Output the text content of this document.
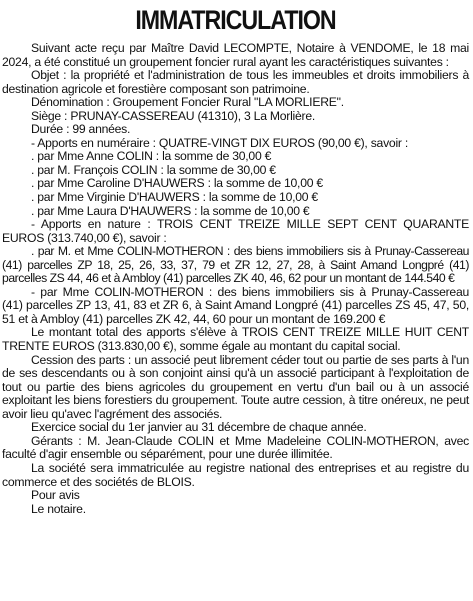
IMMATRICULATION

Suivant acte reçu par Maître David LECOMPTE, Notaire à VENDOME, le 18 mai 2024, a été constitué un groupement foncier rural ayant les caractéristiques suivantes :

Objet : la propriété et l'administration de tous les immeubles et droits immobiliers à destination agricole et forestière composant son patrimoine.

Dénomination : Groupement Foncier Rural "LA MORLIERE".

Siège : PRUNAY-CASSEREAU (41310), 3 La Morlière.

Durée : 99 années.

- Apports en numéraire : QUATRE-VINGT DIX EUROS (90,00 €), savoir :

. par Mme Anne COLIN : la somme de 30,00 €

. par M. François COLIN : la somme de 30,00 €

. par Mme Caroline D'HAUWERS : la somme de 10,00 €

. par Mme Virginie D'HAUWERS : la somme de 10,00 €

. par Mme Laura D'HAUWERS : la somme de 10,00 €

- Apports en nature : TROIS CENT TREIZE MILLE SEPT CENT QUARANTE EUROS (313.740,00 €), savoir :

. par M. et Mme COLIN-MOTHERON : des biens immobiliers sis à Prunay-Cassereau (41) parcelles ZP 18, 25, 26, 33, 37, 79 et ZR 12, 27, 28, à Saint Amand Longpré (41) parcelles ZS 44, 46 et à Ambloy (41) parcelles ZK 40, 46, 62 pour un montant de 144.540 €

- par Mme COLIN-MOTHERON : des biens immobiliers sis à Prunay-Cassereau (41) parcelles ZP 13, 41, 83 et ZR 6, à Saint Amand Longpré (41) parcelles ZS 45, 47, 50, 51 et à Ambloy (41) parcelles ZK 42, 44, 60 pour un montant de 169.200 €

Le montant total des apports s'élève à TROIS CENT TREIZE MILLE HUIT CENT TRENTE EUROS (313.830,00 €), somme égale au montant du capital social.

Cession des parts : un associé peut librement céder tout ou partie de ses parts à l'un de ses descendants ou à son conjoint ainsi qu'à un associé participant à l'exploitation de tout ou partie des biens agricoles du groupement en vertu d'un bail ou à un associé exploitant les biens forestiers du groupement. Toute autre cession, à titre onéreux, ne peut avoir lieu qu'avec l'agrément des associés.

Exercice social du 1er janvier au 31 décembre de chaque année.

Gérants : M. Jean-Claude COLIN et Mme Madeleine COLIN-MOTHERON, avec faculté d'agir ensemble ou séparément, pour une durée illimitée.

La société sera immatriculée au registre national des entreprises et au registre du commerce et des sociétés de BLOIS.

Pour avis

Le notaire.
